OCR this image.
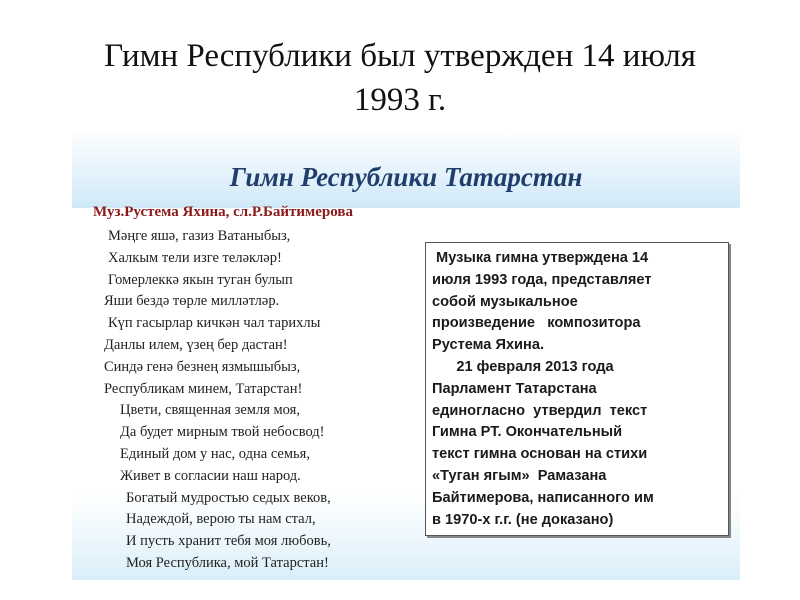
Гимн Республики был утвержден 14 июля
1993 г.
Гимн Республики Татарстан
Муз.Рустема Яхина, сл.Р.Байтимерова
Мәңге яшә, газиз Ватаныбыз,
Халкым тели изге теләкләр!
Гомерлеккә якын туган булып
Яши бездә төрле милләтләр.
Күп гасырлар кичкән чал тарихлы
Данлы илем, үзең бер дастан!
Синдә генә безнең язмышыбыз,
Республикам минем, Татарстан!
Цвети, священная земля моя,
Да будет мирным твой небосвод!
Единый дом у нас, одна семья,
Живет в согласии наш народ.
Богатый мудростью седых веков,
Надеждой, верою ты нам стал,
И пусть хранит тебя моя любовь,
Моя Республика, мой Татарстан!
Музыка гимна утверждена 14
июля 1993 года, представляет
собой музыкальное
произведение   композитора
Рустема Яхина.
21 февраля 2013 года
Парламент Татарстана
единогласно  утвердил  текст
Гимна РТ. Окончательный
текст гимна основан на стихи
«Туган ягым»  Рамазана
Байтимерова, написанного им
в 1970-х г.г. (не доказано)
